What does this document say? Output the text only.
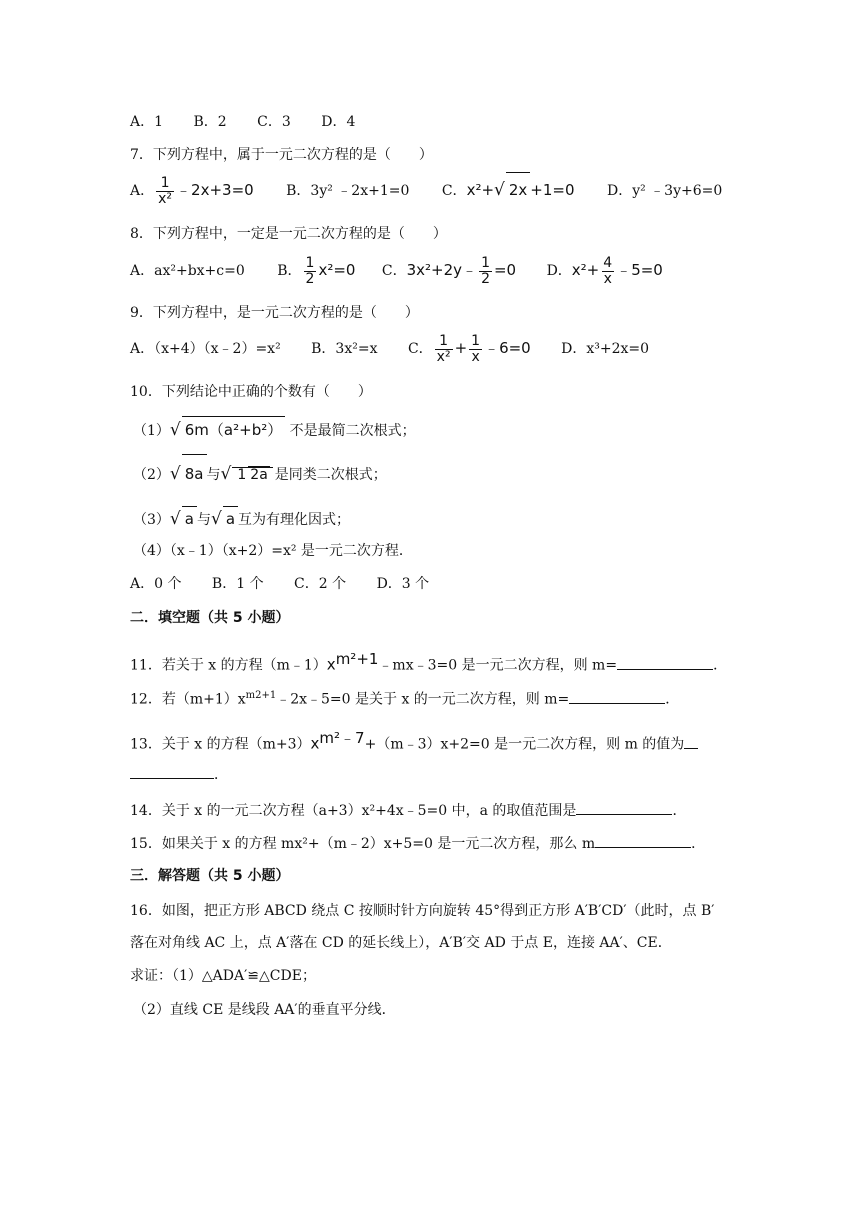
A．1 B．2 C．3 D．4
7．下列方程中，属于一元二次方程的是（　　）
A． $\frac{1}{\text{x²}}$ ﹣2x+3=0 B．3y² ﹣2x+1=0 C．x²+√ 2x +1=0 D．y² ﹣3y+6=0
8．下列方程中，一定是一元二次方程的是（　　）
A．ax²+bx+c=0 B． $\frac{1}{2} x^2=0$ C．3x²+2y﹣ $\frac{1}{2} =0$ D．$x^2+ \frac{4}{x}$ ﹣5=0
9．下列方程中，是一元二次方程的是（　　）
A．（x+4）（x﹣2）=x² B．3x²=x C． $\frac{1}{\text{x²}} + \frac{1}{x}$ ﹣6=0 D．x³+2x=0
10．下列结论中正确的个数有（　　）
（1）√ 6m（a²+b²） 不是最简二次根式；
（2）√ 8a 与√ 1 2a 是同类二次根式；
（3）√ a 与√ a 互为有理化因式；
（4）（x﹣1）（x+2）=x² 是一元二次方程．
A．0 个 B．1 个 C．2 个 D．3 个
二．填空题（共 5 小题）
11．若关于 x 的方程$(m﹣1)x^{m^2+1}﹣mx﹣3=0$ 是一元二次方程，则 m=	．
12．若$(m+1)x^{m2+1}﹣2x﹣5=0$ 是关于 x 的一元二次方程，则 m=	．
13．关于 x 的方程$(m+3)x^{m^2﹣7}+(m﹣3)x+2=0$ 是一元二次方程，则 m 的值为
．
14．关于 x 的一元二次方程（a+3）x²+4x﹣5=0 中，a 的取值范围是	．
15．如果关于 x 的方程 mx²+（m﹣2）x+5=0 是一元二次方程，那么 m	．
三．解答题（共 5 小题）
16．如图，把正方形 ABCD 绕点 C 按顺时针方向旋转 45°得到正方形 A′B′CD′（此时，点 B′
落在对角线 AC 上，点 A′落在 CD 的延长线上），A′B′交 AD 于点 E，连接 AA′、CE．
求证：（1）△ADA′≌△CDE；
（2）直线 CE 是线段 AA′的垂直平分线．
